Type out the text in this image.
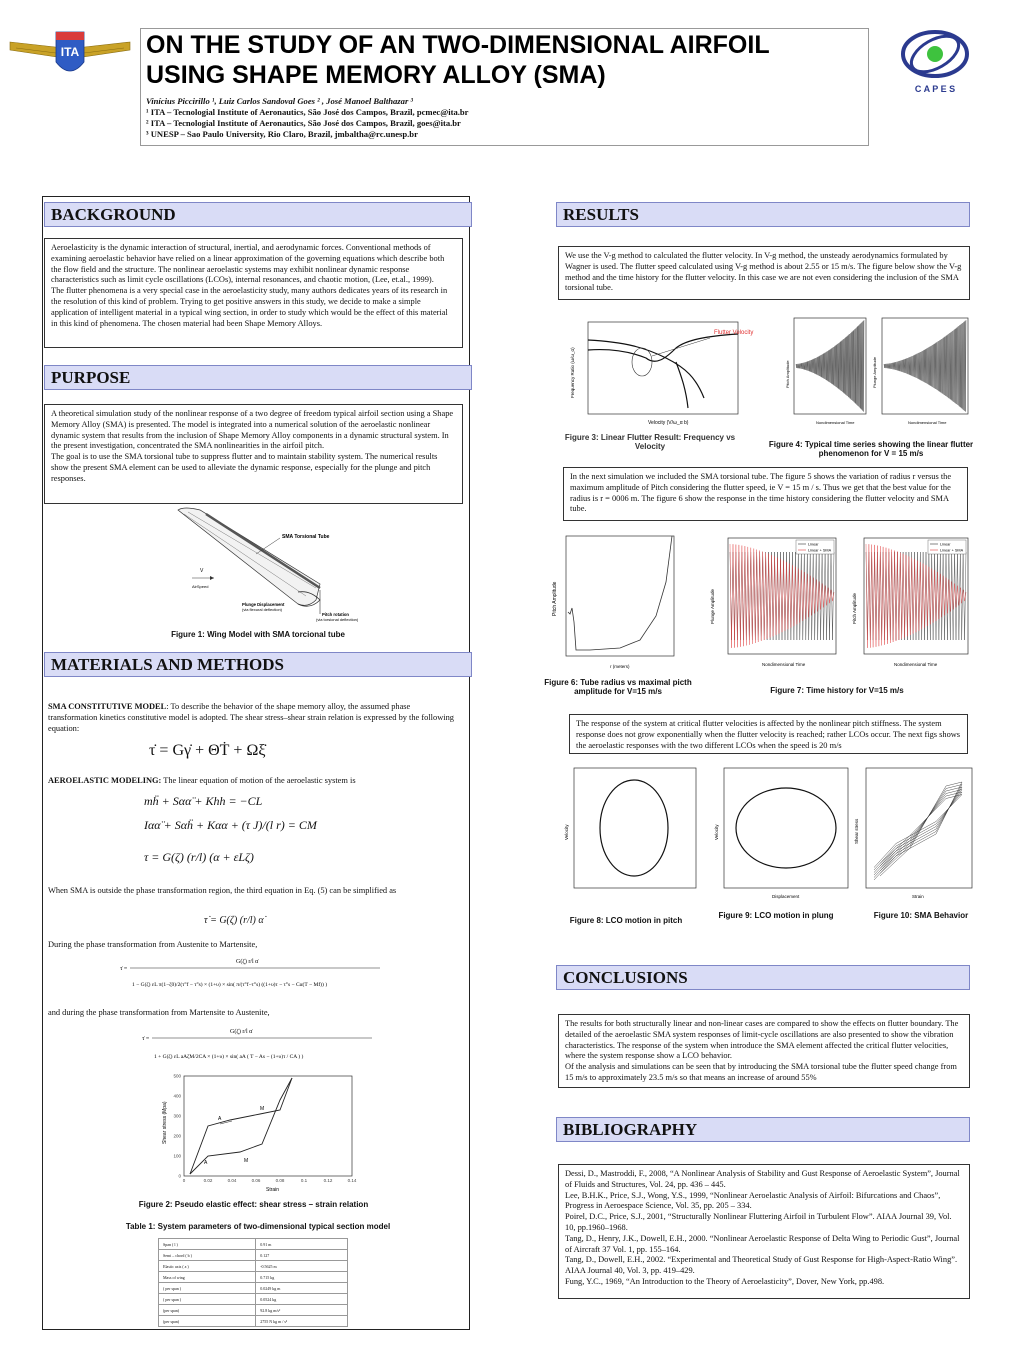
ITA	ON THE STUDY OF AN TWO-DIMENSIONAL AIRFOIL
USING SHAPE MEMORY ALLOY (SMA)
Vinícius Piccirillo ¹, Luiz Carlos Sandoval Goes ² , José Manoel Balthazar ³
¹ ITA – Tecnologial Institute of Aeronautics, São José dos Campos, Brazil, pcmec@ita.br
² ITA – Tecnologial Institute of Aeronautics, São José dos Campos, Brazil, goes@ita.br
³ UNESP – Sao Paulo University, Rio Claro, Brazil, jmbaltha@rc.unesp.br
C A P E S
BACKGROUND
Aeroelasticity is the dynamic interaction of structural, inertial, and aerodynamic forces. Conventional methods of examining aeroelastic behavior have relied on a linear approximation of the governing equations which describe both the flow field and the structure. The nonlinear aeroelastic systems may exhibit nonlinear dynamic response characteristics such as limit cycle oscillations (LCOs), internal resonances, and chaotic motion, (Lee, et.al., 1999).
The flutter phenomena is a very special case in the aeroelasticity study, many authors dedicates years of its research in the resolution of this kind of problem. Trying to get positive answers in this study, we decide to make a simple application of intelligent material in a typical wing section, in order to study which would be the effect of this material in this kind of phenomena. The chosen material had been Shape Memory Alloys.
PURPOSE
A theoretical simulation study of the nonlinear response of a two degree of freedom typical airfoil section using a Shape Memory Alloy (SMA) is presented. The model is integrated into a numerical solution of the aeroelastic nonlinear dynamic system that results from the inclusion of Shape Memory Alloy components in a dynamic structural system. In the present investigation, concentrated the SMA nonlinearities in the airfoil pitch.
The goal is to use the SMA torsional tube to suppress flutter and to maintain stability system. The numerical results show the present SMA element can be used to alleviate the dynamic response, especially for the plunge and pitch responses.
SMA Torsional Tube
V
AirSpeed
Plunge Displacement
(via flexural deflection)
Pitch rotation
(via torsional deflection)
Figure 1: Wing Model with SMA torcional tube
MATERIALS AND METHODS
SMA CONSTITUTIVE MODEL: To describe the behavior of the shape memory alloy, the assumed phase transformation kinetics constitutive model is adopted. The shear stress–shear strain relation is expressed by the following equation:
τ̇ = Gγ̇ + ΘṪ + Ωξ̇
AEROELASTIC MODELING: The linear equation of motion of the aeroelastic system is
mḧ + Sαα̈ + Khh = −CL
Iαα̈ + Sαḧ + Kαα + (τ J)/(l r) = CM
τ = G(ζ) (r/l) (α + εLζ)
When SMA is outside the phase transformation region, the third equation in Eq. (5) can be simplified as
τ̇ = G(ζ) (r/l) α̇
During the phase transformation from Austenite to Martensite,
G(ζ) r/l α̇
τ̇ =
1 − G(ζ) εL π(1−ζ0)/2(τ°f − τ°s) × (1+υ) × sin( π/(τ°f−τ°s) ((1+υ)τ − τ°s − Cα(T − Mf)) )
and during the phase transformation from Martensite to Austenite,
G(ζ) r/l α̇
τ̇ =
1 + G(ζ) εL aAζM/2CA × (1+υ) × sin( aA ( T − As − (1+υ)τ / CA ) )
0
100
200
300
400
500
0	0.02	0.04	0.06	0.08	0.1	0.12	0.14
A
M
A	M
Shear stress (Mpa)
Strain
Figure 2: Pseudo elastic effect: shear stress – strain relation
Table 1: System parameters of two-dimensional typical section model
Span ( l )	0.91 m
Semi – chord ( b )	0.127
Elastic axis ( a )	-0.5625 m
Mass of wing	0.715 kg
( per span )	0.0249 kg m
( per span )	0.0524 kg
(per span)	92.8 kg m/s²
(per span)	2755 N kg m / s²
RESULTS
We use the V-g method to calculated the flutter velocity. In V-g method, the unsteady aerodynamics formulated by Wagner is used. The flutter speed calculated using V-g method is about 2.55 or 15 m/s. The figure below show the V-g method and the time history for the flutter velocity. In this case we are not even considering the inclusion of the SMA torsional tube.
Flutter Velocity
Velocity (V/ω_α b)
Frequency Ratio (ω/ω_α)
Figure 3: Linear Flutter Result: Frequency vs Velocity
Pitch Amplitude
Nondimensional Time
Plunge Amplitude
Nondimensional Time
Figure 4: Typical time series showing the linear flutter phenomenon for V = 15 m/s
In the next simulation we included the SMA torsional tube. The figure 5 shows the variation of radius r versus the maximum amplitude of Pitch considering the flutter speed, ie V = 15 m / s. Thus we get that the best value for the radius is r = 0006 m. The figure 6 show the response in the time history considering the flutter velocity and SMA tube.
Pitch Amplitude
r (meters)
Figure 6: Tube radius vs maximal picth amplitude for V=15 m/s
Linear
Linear + SMA
Plunge Amplitude
Nondimensional Time
Linear
Linear + SMA
Pitch Amplitude
Nondimensional Time
Figure 7: Time history for V=15 m/s
The response of the system at critical flutter velocities is affected by the nonlinear pitch stiffness. The system response does not grow exponentially when the flutter velocity is reached; rather LCOs occur. The next figs shows the aeroelastic responses with the two different LCOs when the speed is 20 m/s
Velocity
Figure 8: LCO motion in pitch
Velocity
Displacement
Figure 9: LCO motion in plung
Shear stress
Strain
Figure 10: SMA Behavior
CONCLUSIONS
The results for both structurally linear and non-linear cases are compared to show the effects on flutter boundary. The detailed of the aeroelastic SMA system responses of limit-cycle oscillations are also presented to show the vibration characteristics. The response of the system when introduce the SMA element affected the critical flutter velocities, where the system response show a LCO behavior.
Of the analysis and simulations can be seen that by introducing the SMA torsional tube the flutter speed change from 15 m/s to approximately 23.5 m/s so that means an increase of around 55%
BIBLIOGRAPHY
Dessi, D., Mastroddi, F., 2008, “A Nonlinear Analysis of Stability and Gust Response of Aeroelastic System”, Journal of Fluids and Structures, Vol. 24, pp. 436 – 445.
Lee, B.H.K., Price, S.J., Wong, Y.S., 1999, “Nonlinear Aeroelastic Analysis of Airfoil: Bifurcations and Chaos”, Progress in Aeroespace Science, Vol. 35, pp. 205 – 334.
Poirel, D.C., Price, S.J., 2001, “Structurally Nonlinear Fluttering Airfoil in Turbulent Flow”. AIAA Journal 39, Vol. 10, pp.1960–1968.
Tang, D., Henry, J.K., Dowell, E.H., 2000. “Nonlinear Aeroelastic Response of Delta Wing to Periodic Gust”, Journal of Aircraft 37 Vol. 1, pp. 155–164.
Tang, D., Dowell, E.H., 2002. “Experimental and Theoretical Study of Gust Response for High-Aspect-Ratio Wing”. AIAA Journal 40, Vol. 3, pp. 419–429.
Fung, Y.C., 1969, “An Introduction to the Theory of Aeroelasticity”, Dover, New York, pp.498.
